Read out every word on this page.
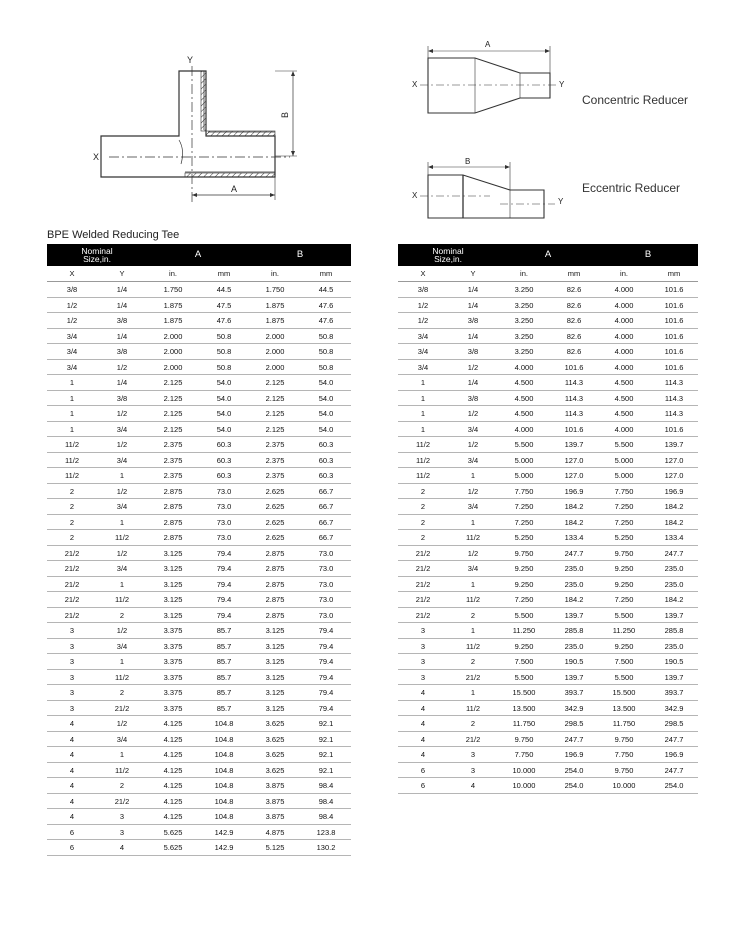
Y
X
B
A
A
X	Y
Concentric Reducer
B
X
Y
Eccentric Reducer
BPE Welded Reducing Tee
Nominal
Size,in.		A		B	
X	Y	in.	mm	in.	mm
3/8	1/4	1.750	44.5	1.750	44.5
1/2	1/4	1.875	47.5	1.875	47.6
1/2	3/8	1.875	47.6	1.875	47.6
3/4	1/4	2.000	50.8	2.000	50.8
3/4	3/8	2.000	50.8	2.000	50.8
3/4	1/2	2.000	50.8	2.000	50.8
1	1/4	2.125	54.0	2.125	54.0
1	3/8	2.125	54.0	2.125	54.0
1	1/2	2.125	54.0	2.125	54.0
1	3/4	2.125	54.0	2.125	54.0
11/2	1/2	2.375	60.3	2.375	60.3
11/2	3/4	2.375	60.3	2.375	60.3
11/2	1	2.375	60.3	2.375	60.3
2	1/2	2.875	73.0	2.625	66.7
2	3/4	2.875	73.0	2.625	66.7
2	1	2.875	73.0	2.625	66.7
2	11/2	2.875	73.0	2.625	66.7
21/2	1/2	3.125	79.4	2.875	73.0
21/2	3/4	3.125	79.4	2.875	73.0
21/2	1	3.125	79.4	2.875	73.0
21/2	11/2	3.125	79.4	2.875	73.0
21/2	2	3.125	79.4	2.875	73.0
3	1/2	3.375	85.7	3.125	79.4
3	3/4	3.375	85.7	3.125	79.4
3	1	3.375	85.7	3.125	79.4
3	11/2	3.375	85.7	3.125	79.4
3	2	3.375	85.7	3.125	79.4
3	21/2	3.375	85.7	3.125	79.4
4	1/2	4.125	104.8	3.625	92.1
4	3/4	4.125	104.8	3.625	92.1
4	1	4.125	104.8	3.625	92.1
4	11/2	4.125	104.8	3.625	92.1
4	2	4.125	104.8	3.875	98.4
4	21/2	4.125	104.8	3.875	98.4
4	3	4.125	104.8	3.875	98.4
6	3	5.625	142.9	4.875	123.8
6	4	5.625	142.9	5.125	130.2
Nominal
Size,in.		A		B	
X	Y	in.	mm	in.	mm
3/8	1/4	3.250	82.6	4.000	101.6
1/2	1/4	3.250	82.6	4.000	101.6
1/2	3/8	3.250	82.6	4.000	101.6
3/4	1/4	3.250	82.6	4.000	101.6
3/4	3/8	3.250	82.6	4.000	101.6
3/4	1/2	4.000	101.6	4.000	101.6
1	1/4	4.500	114.3	4.500	114.3
1	3/8	4.500	114.3	4.500	114.3
1	1/2	4.500	114.3	4.500	114.3
1	3/4	4.000	101.6	4.000	101.6
11/2	1/2	5.500	139.7	5.500	139.7
11/2	3/4	5.000	127.0	5.000	127.0
11/2	1	5.000	127.0	5.000	127.0
2	1/2	7.750	196.9	7.750	196.9
2	3/4	7.250	184.2	7.250	184.2
2	1	7.250	184.2	7.250	184.2
2	11/2	5.250	133.4	5.250	133.4
21/2	1/2	9.750	247.7	9.750	247.7
21/2	3/4	9.250	235.0	9.250	235.0
21/2	1	9.250	235.0	9.250	235.0
21/2	11/2	7.250	184.2	7.250	184.2
21/2	2	5.500	139.7	5.500	139.7
3	1	11.250	285.8	11.250	285.8
3	11/2	9.250	235.0	9.250	235.0
3	2	7.500	190.5	7.500	190.5
3	21/2	5.500	139.7	5.500	139.7
4	1	15.500	393.7	15.500	393.7
4	11/2	13.500	342.9	13.500	342.9
4	2	11.750	298.5	11.750	298.5
4	21/2	9.750	247.7	9.750	247.7
4	3	7.750	196.9	7.750	196.9
6	3	10.000	254.0	9.750	247.7
6	4	10.000	254.0	10.000	254.0
